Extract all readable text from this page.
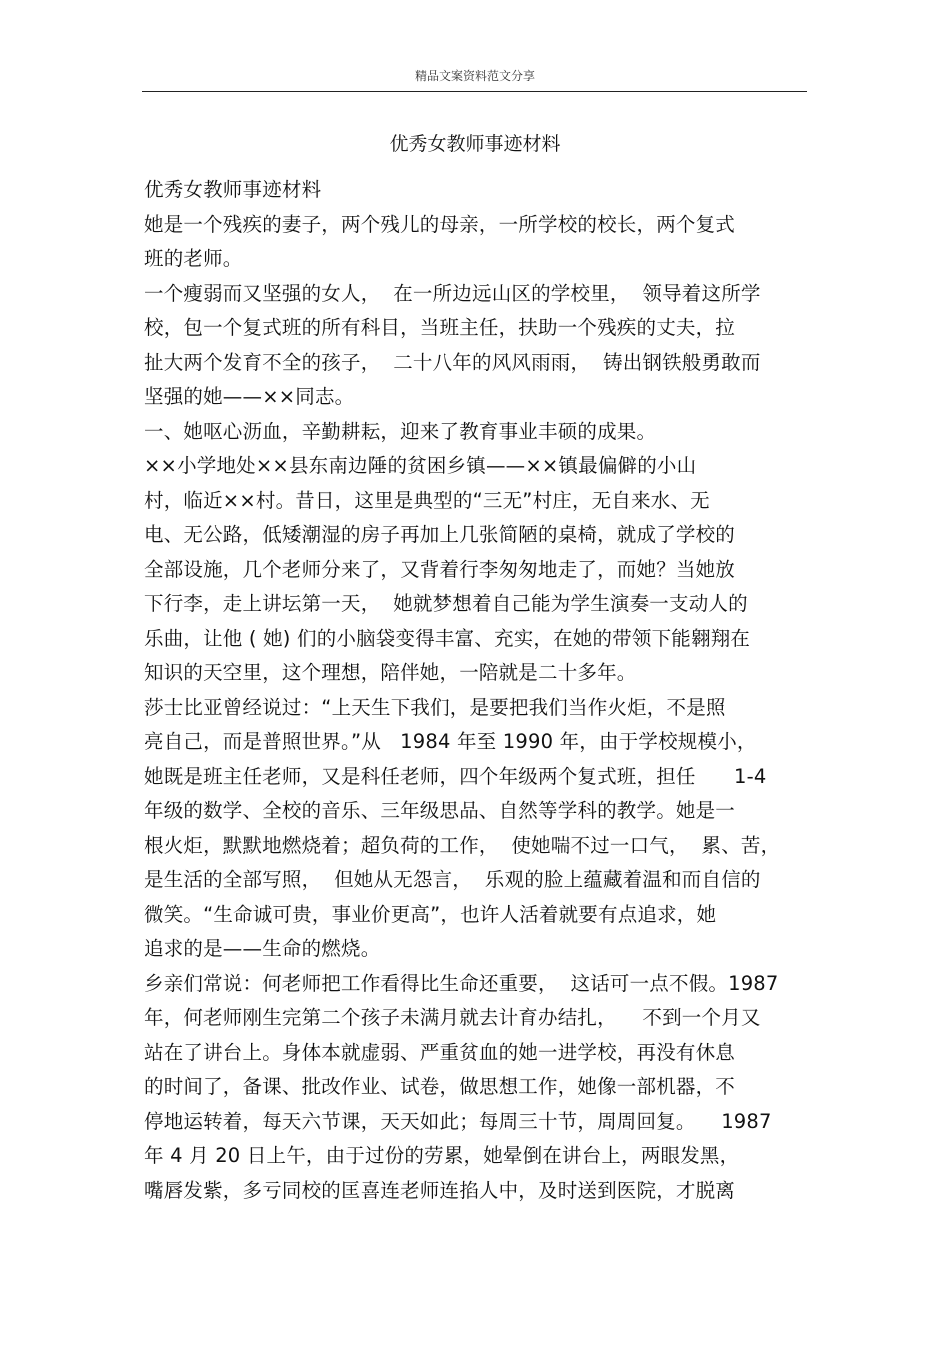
精品文案资料范文分享
优秀女教师事迹材料
优秀女教师事迹材料
她是一个残疾的妻子，两个残儿的母亲，一所学校的校长，两个复式
班的老师。
一个瘦弱而又坚强的女人，  在一所边远山区的学校里，  领导着这所学
校，包一个复式班的所有科目，当班主任，扶助一个残疾的丈夫，拉
扯大两个发育不全的孩子，  二十八年的风风雨雨，  铸出钢铁般勇敢而
坚强的她——××同志。
一、她呕心沥血，辛勤耕耘，迎来了教育事业丰硕的成果。
××小学地处××县东南边陲的贫困乡镇——××镇最偏僻的小山
村，临近××村。昔日，这里是典型的“三无”村庄，无自来水、无
电、无公路，低矮潮湿的房子再加上几张简陋的桌椅，就成了学校的
全部设施，几个老师分来了，又背着行李匆匆地走了，而她？当她放
下行李，走上讲坛第一天，  她就梦想着自己能为学生演奏一支动人的
乐曲，让他 ( 她) 们的小脑袋变得丰富、充实，在她的带领下能翱翔在
知识的天空里，这个理想，陪伴她，一陪就是二十多年。
莎士比亚曾经说过：“上天生下我们，是要把我们当作火炬，不是照
亮自己，而是普照世界。”从   1984 年至 1990 年，由于学校规模小，
她既是班主任老师，又是科任老师，四个年级两个复式班，担任      1-4
年级的数学、全校的音乐、三年级思品、自然等学科的教学。她是一
根火炬，默默地燃烧着；超负荷的工作，  使她喘不过一口气，  累、苦，
是生活的全部写照，  但她从无怨言，  乐观的脸上蕴藏着温和而自信的
微笑。“生命诚可贵，事业价更高”，也许人活着就要有点追求，她
追求的是——生命的燃烧。
乡亲们常说：何老师把工作看得比生命还重要，  这话可一点不假。1987
年，何老师刚生完第二个孩子未满月就去计育办结扎，    不到一个月又
站在了讲台上。身体本就虚弱、严重贫血的她一进学校，再没有休息
的时间了，备课、批改作业、试卷，做思想工作，她像一部机器，不
停地运转着，每天六节课，天天如此；每周三十节，周周回复。    1987
年 4 月 20 日上午，由于过份的劳累，她晕倒在讲台上，两眼发黑，
嘴唇发紫，多亏同校的匡喜连老师连掐人中，及时送到医院，才脱离
